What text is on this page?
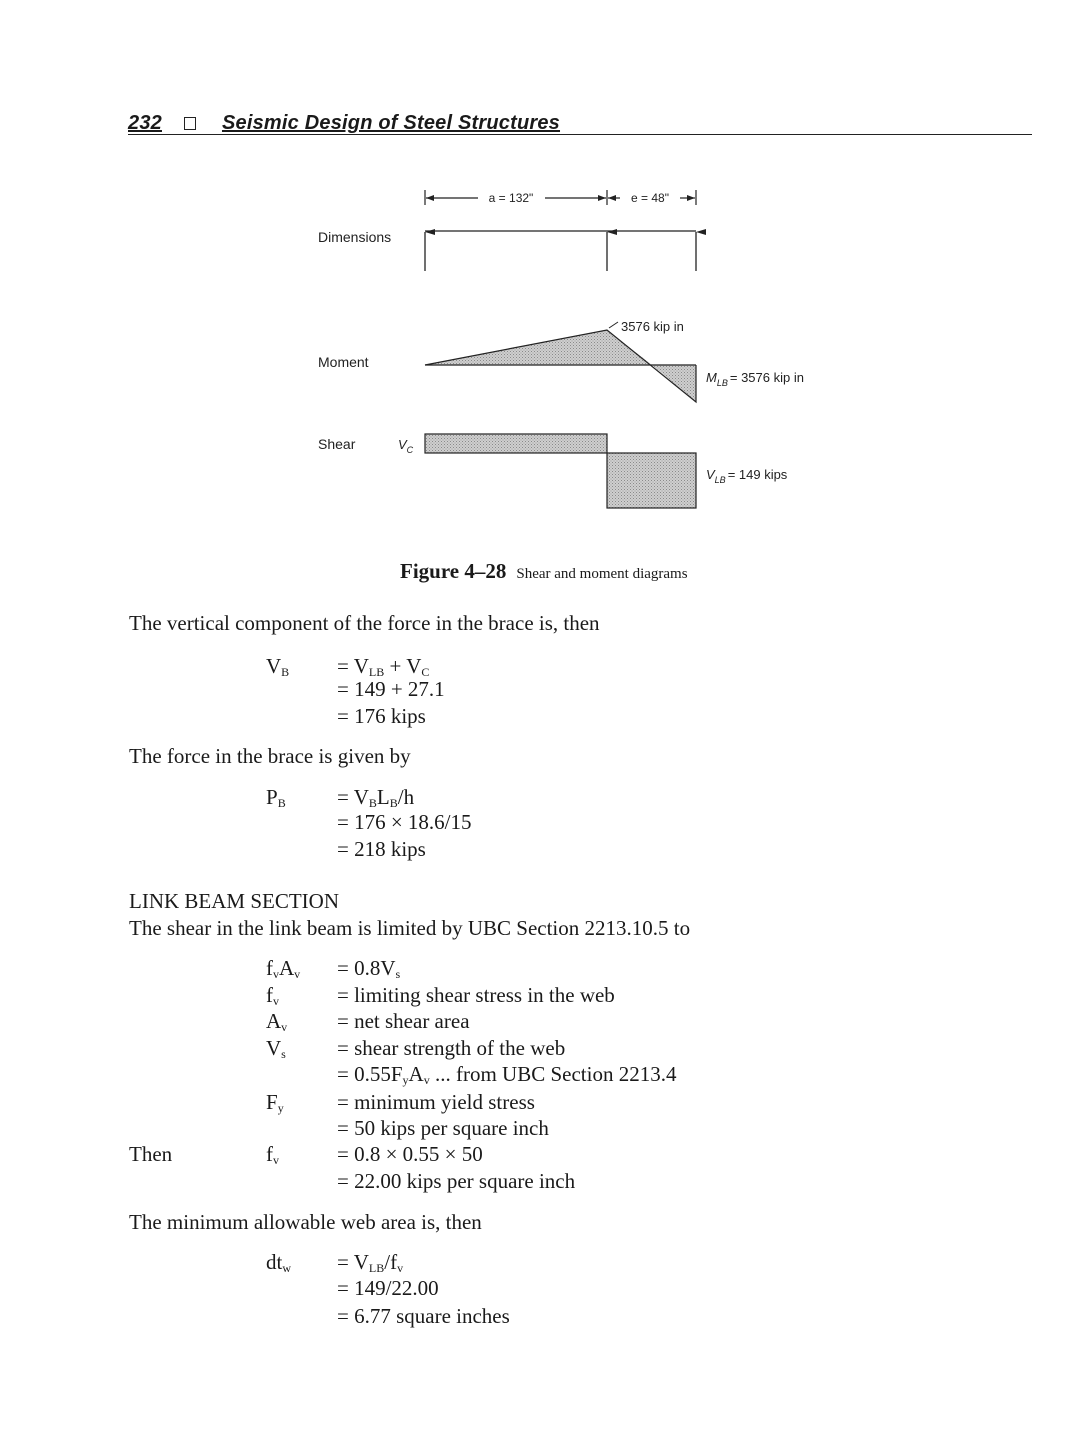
232	Seismic Design of Steel Structures
a = 132"	e = 48"
Dimensions
Moment
3576 kip in
$M_{LB} = 3576$ kip in
Shear	$V_C$
$V_{LB} = 149$ kips
Figure 4–28 Shear and moment diagrams
The vertical component of the force in the brace is, then
$V_B = V_{LB} + V_C$
= 149 + 27.1
= 176 kips
The force in the brace is given by
$P_B = V_BL_B/h$
= 176 × 18.6/15
= 218 kips
LINK BEAM SECTION
The shear in the link beam is limited by UBC Section 2213.10.5 to
$f_vA_v = 0.8V_s$
$f_v$	= limiting shear stress in the web
$A_v$ = net shear area
$V_s$ = shear strength of the web
= $0.55F_yA_v$ ... from UBC Section 2213.4
$F_y$	= minimum yield stress
= 50 kips per square inch
Then	$f_v$	= 0.8 × 0.55 × 50
= 22.00 kips per square inch
The minimum allowable web area is, then
$dt_w = V_{LB}/f_v$
= 149/22.00
= 6.77 square inches
